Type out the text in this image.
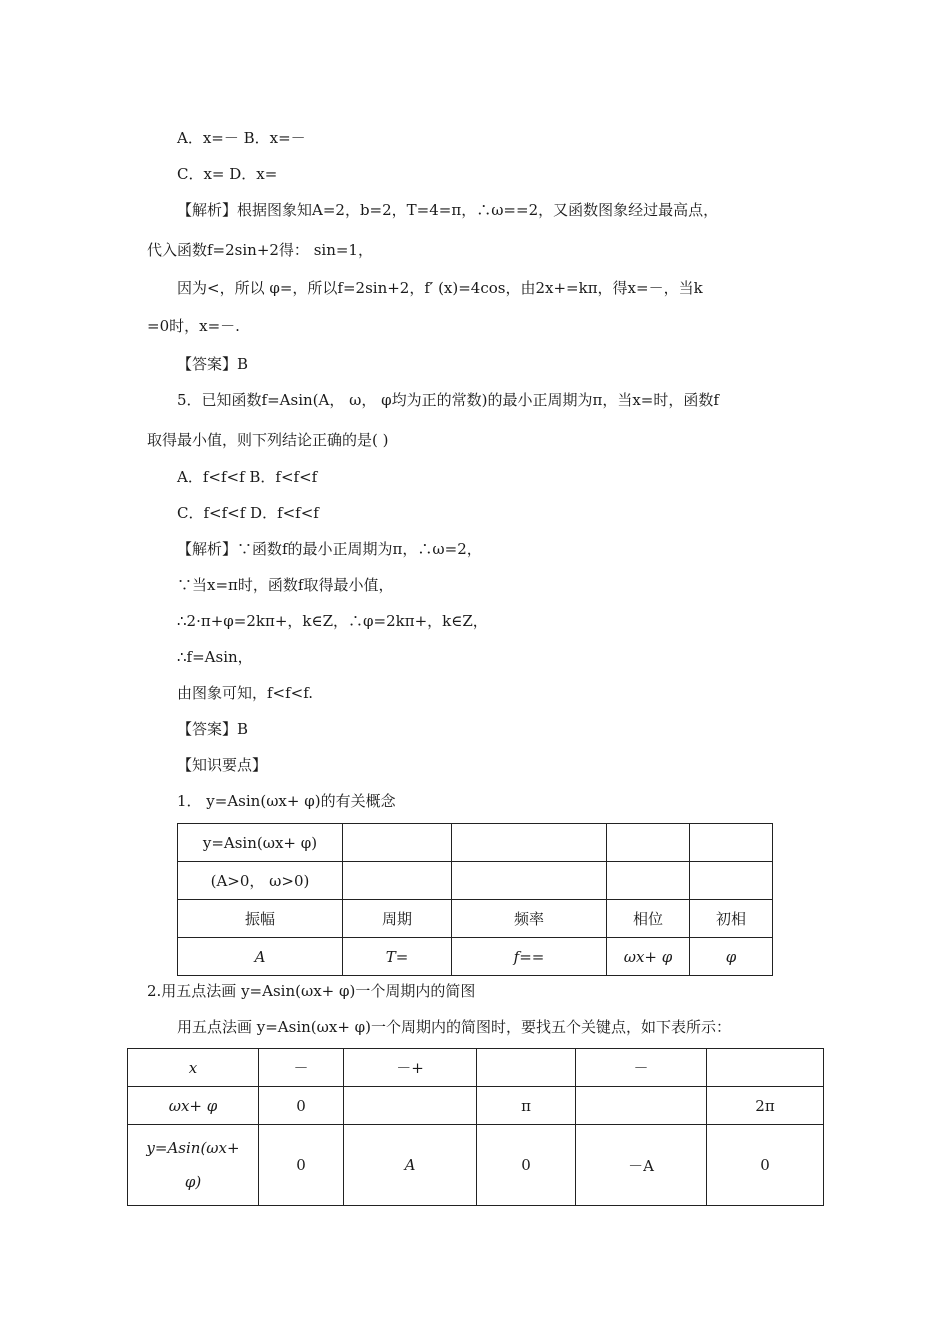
A．x=－ B．x=－
C．x= D．x=
【解析】根据图象知A=2，b=2，T=4=π，∴ω==2，又函数图象经过最高点，
代入函数f=2sin+2得： sin=1，
因为<，所以 φ=，所以f=2sin+2，f′ (x)=4cos，由2x+=kπ，得x=－，当k
=0时，x=－.
【答案】B
5．已知函数f=Asin(A， ω， φ均为正的常数)的最小正周期为π，当x=时，函数f
取得最小值，则下列结论正确的是( )
A．f<f<f B．f<f<f
C．f<f<f D．f<f<f
【解析】∵函数f的最小正周期为π，∴ω=2，
∵当x=π时，函数f取得最小值，
∴2·π+φ=2kπ+，k∈Z，∴φ=2kπ+，k∈Z，
∴f=Asin，
由图象可知，f<f<f.
【答案】B
【知识要点】
1． y=Asin(ωx+ φ)的有关概念
y=Asin(ωx+ φ)				
(A>0， ω>0)				
振幅	周期	频率	相位	初相
A	T=	f==	ωx+ φ	φ
2.用五点法画 y=Asin(ωx+ φ)一个周期内的简图
用五点法画 y=Asin(ωx+ φ)一个周期内的简图时，要找五个关键点，如下表所示：
x	－	－+		－	
ωx+ φ	0		π		2π
y=Asin(ωx+ φ)	0	A	0	－A	0
